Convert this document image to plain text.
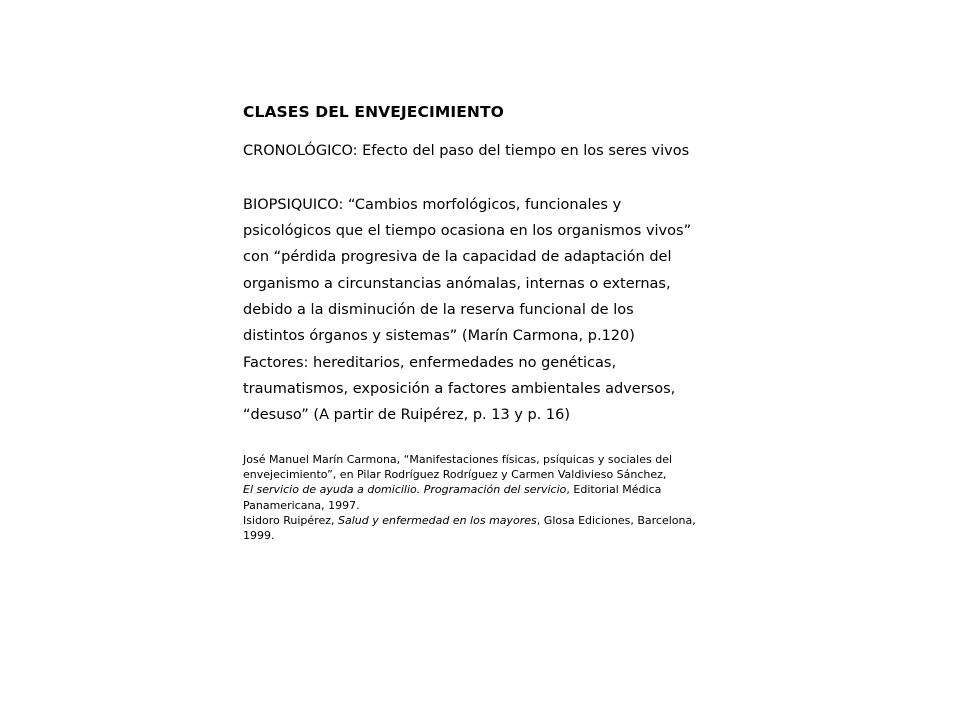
CLASES DEL ENVEJECIMIENTO
CRONOLÓGICO: Efecto del paso del tiempo en los seres vivos
BIOPSIQUICO: “Cambios morfológicos, funcionales y
psicológicos que el tiempo ocasiona en los organismos vivos”
con “pérdida progresiva de la capacidad de adaptación del
organismo a circunstancias anómalas, internas o externas,
debido a la disminución de la reserva funcional de los
distintos órganos y sistemas” (Marín Carmona, p.120)
Factores: hereditarios, enfermedades no genéticas,
traumatismos, exposición a factores ambientales adversos,
“desuso” (A partir de Ruipérez, p. 13 y p. 16)
José Manuel Marín Carmona, “Manifestaciones físicas, psíquicas y sociales del
envejecimiento”, en Pilar Rodríguez Rodríguez y Carmen Valdivieso Sánchez,
El servicio de ayuda a domicilio. Programación del servicio, Editorial Médica
Panamericana, 1997.
Isidoro Ruipérez, Salud y enfermedad en los mayores, Glosa Ediciones, Barcelona,
1999.
